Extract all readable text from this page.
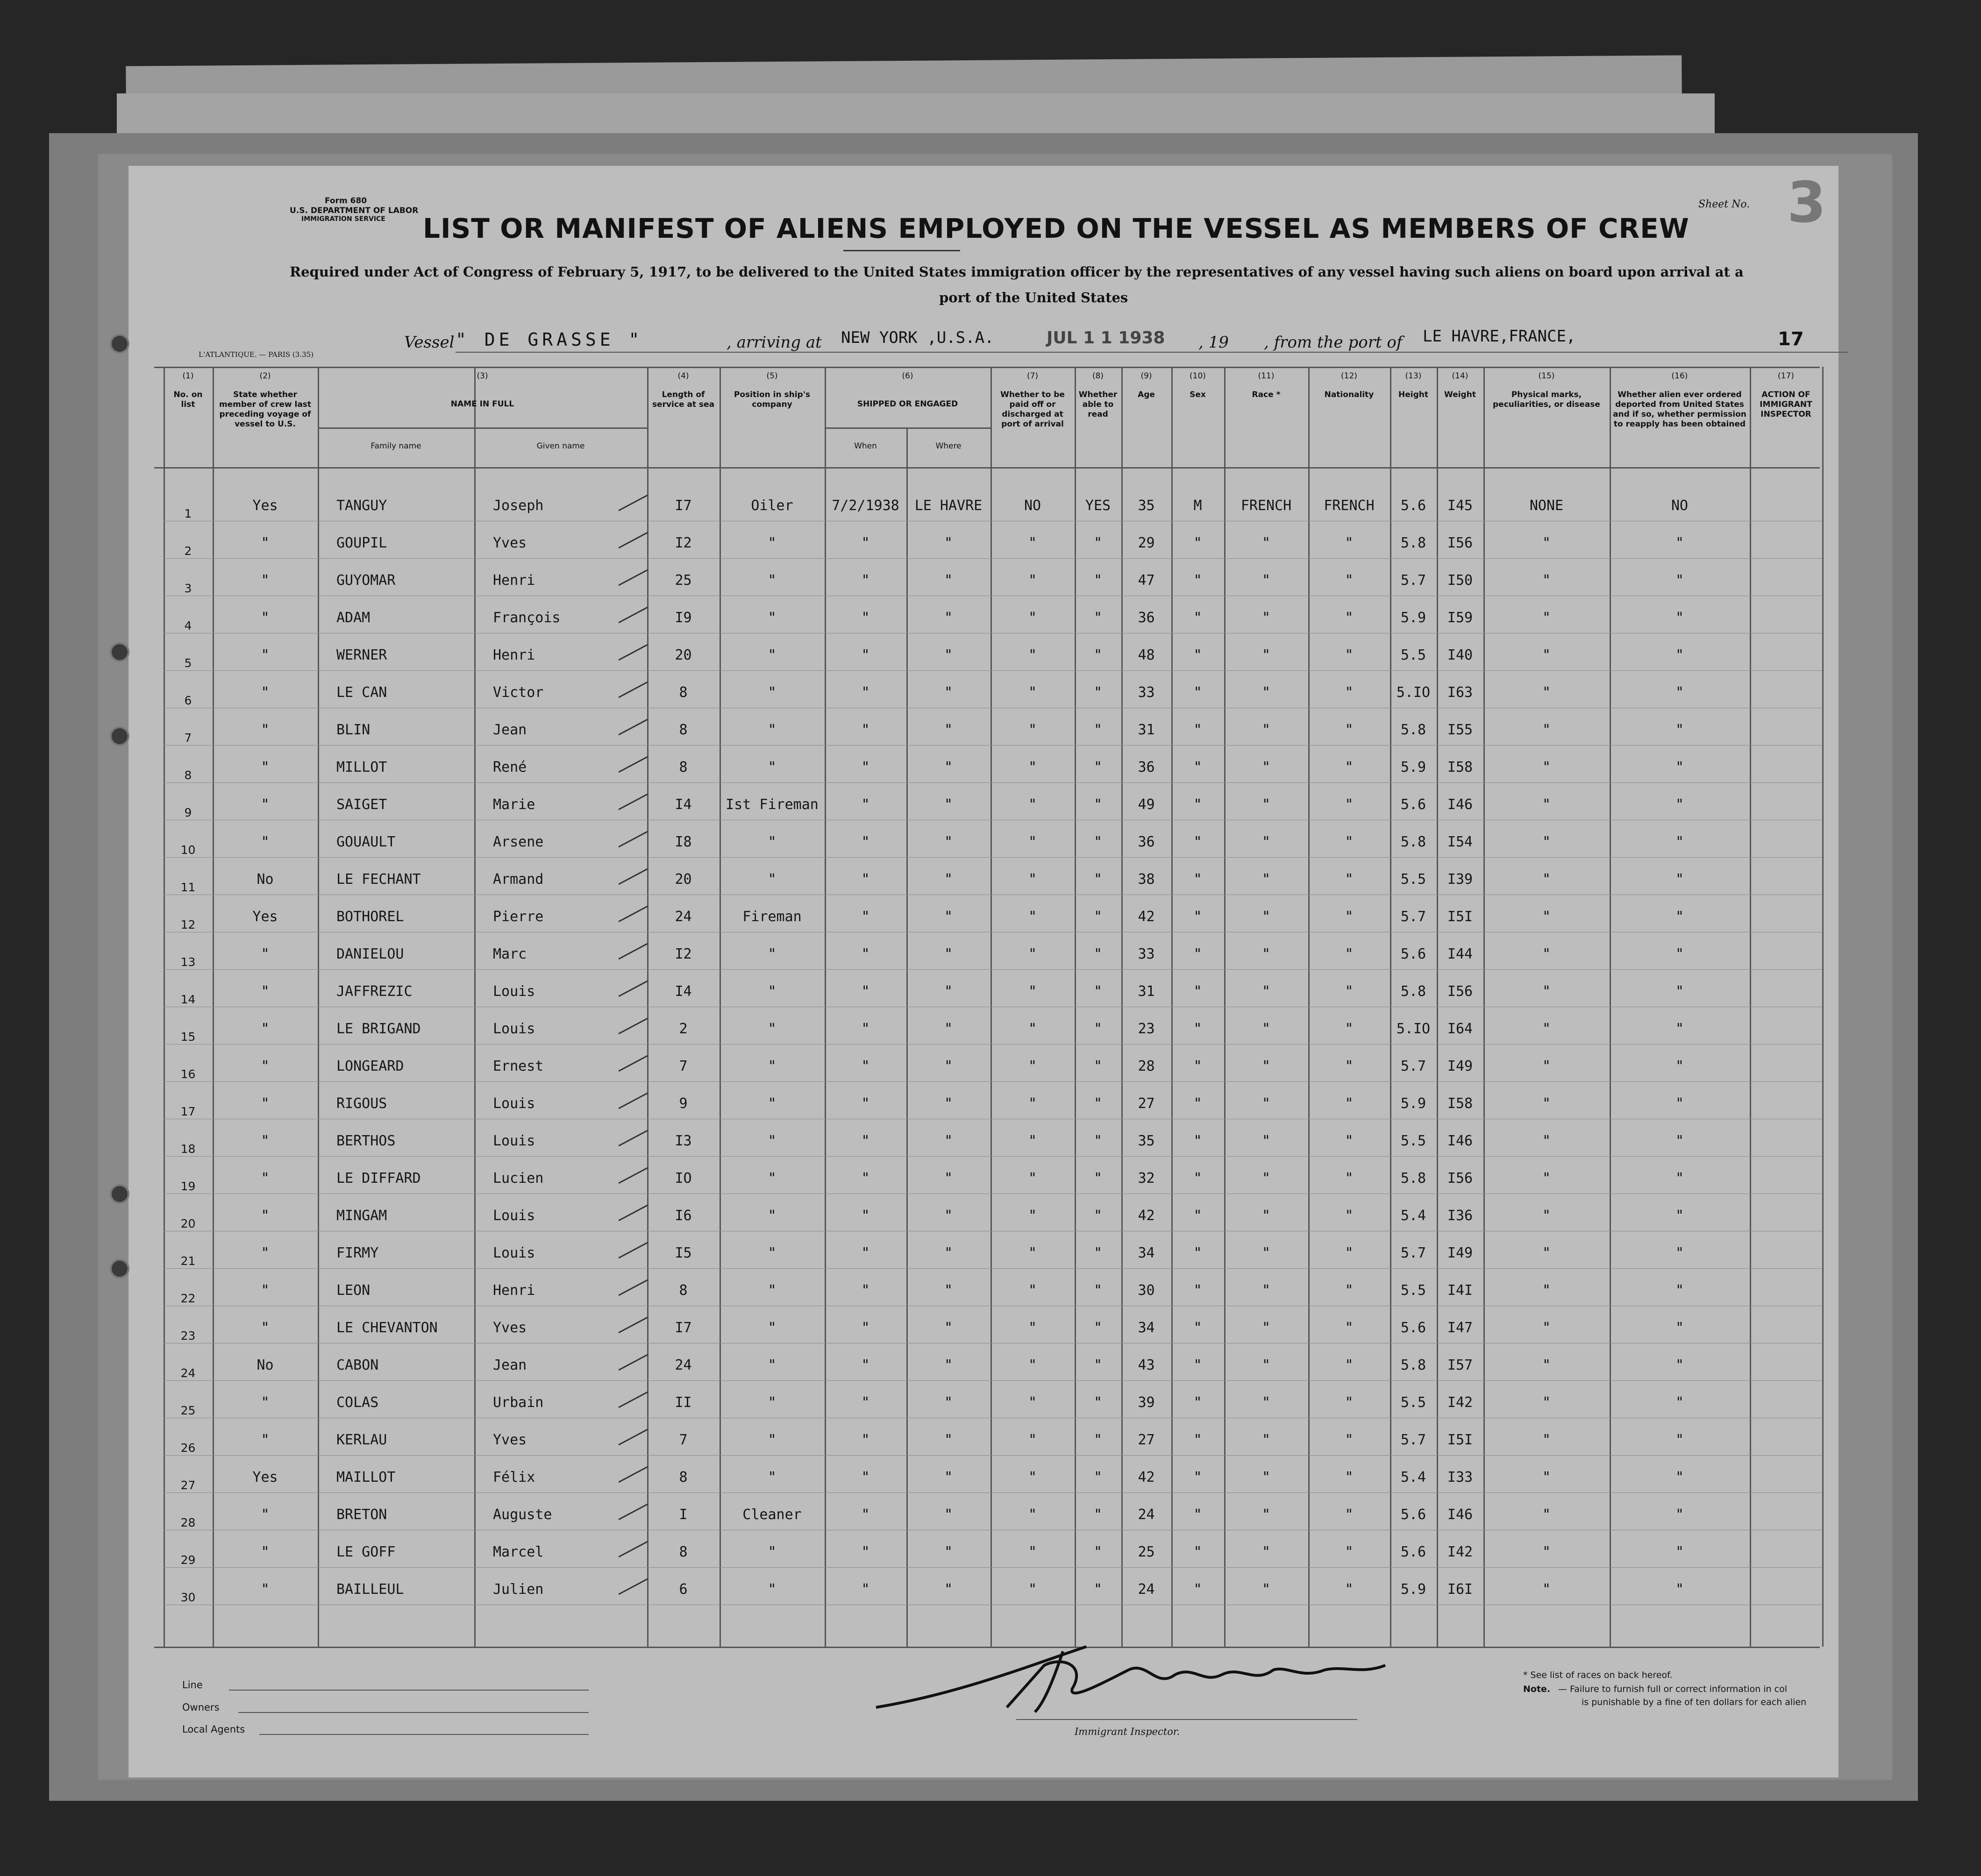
Form 680
U.S. DEPARTMENT OF LABOR
IMMIGRATION SERVICE
Sheet No. 3
LIST OR MANIFEST OF ALIENS EMPLOYED ON THE VESSEL AS MEMBERS OF CREW
Required under Act of Congress of February 5, 1917, to be delivered to the United States immigration officer by the representatives of any vessel having such aliens on board upon arrival at a
port of the United States
L'ATLANTIQUE. — PARIS (3.35)
Vessel " DE GRASSE "	, arriving at NEW YORK ,U.S.A.	JUL 1 1 1938 , 19 , from the port of LE HAVRE,FRANCE,	17
(1)
No. on list
(2)
State whether member of crew last preceding voyage of vessel to U.S.
(3)
NAME IN FULL
Family name	Given name
(4)
Length of service at sea
(5)
Position in ship's company
(6)
SHIPPED OR ENGAGED
When	Where
(7)
Whether to be paid off or discharged at port of arrival
(8)
Whether able to read
(9)
Age
(10)
Sex
(11)
Race *
(12)
Nationality
(13)
Height
(14)
Weight
(15)
Physical marks, peculiarities, or disease
(16)
Whether alien ever ordered deported from United States and if so, whether permission to reapply has been obtained
(17)
ACTION OF IMMIGRANT INSPECTOR
1	Yes	TANGUY	Joseph	I7	Oiler	7/2/1938	LE HAVRE	NO	YES	35	M	FRENCH	FRENCH	5.6	I45	NONE	NO
2	"	GOUPIL	Yves	I2	"	"	"	"	"	29	"	"	"	5.8	I56	"	"
3	"	GUYOMAR	Henri	25	"	"	"	"	"	47	"	"	"	5.7	I50	"	"
4	"	ADAM	François	I9	"	"	"	"	"	36	"	"	"	5.9	I59	"	"
5	"	WERNER	Henri	20	"	"	"	"	"	48	"	"	"	5.5	I40	"	"
6	"	LE CAN	Victor	8	"	"	"	"	"	33	"	"	"	5.IO	I63	"	"
7	"	BLIN	Jean	8	"	"	"	"	"	31	"	"	"	5.8	I55	"	"
8	"	MILLOT	René	8	"	"	"	"	"	36	"	"	"	5.9	I58	"	"
9	"	SAIGET	Marie	I4	Ist Fireman	"	"	"	"	49	"	"	"	5.6	I46	"	"
10	"	GOUAULT	Arsene	I8	"	"	"	"	"	36	"	"	"	5.8	I54	"	"
11	No	LE FECHANT	Armand	20	"	"	"	"	"	38	"	"	"	5.5	I39	"	"
12	Yes	BOTHOREL	Pierre	24	Fireman	"	"	"	"	42	"	"	"	5.7	I5I	"	"
13	"	DANIELOU	Marc	I2	"	"	"	"	"	33	"	"	"	5.6	I44	"	"
14	"	JAFFREZIC	Louis	I4	"	"	"	"	"	31	"	"	"	5.8	I56	"	"
15	"	LE BRIGAND	Louis	2	"	"	"	"	"	23	"	"	"	5.IO	I64	"	"
16	"	LONGEARD	Ernest	7	"	"	"	"	"	28	"	"	"	5.7	I49	"	"
17	"	RIGOUS	Louis	9	"	"	"	"	"	27	"	"	"	5.9	I58	"	"
18	"	BERTHOS	Louis	I3	"	"	"	"	"	35	"	"	"	5.5	I46	"	"
19	"	LE DIFFARD	Lucien	IO	"	"	"	"	"	32	"	"	"	5.8	I56	"	"
20	"	MINGAM	Louis	I6	"	"	"	"	"	42	"	"	"	5.4	I36	"	"
21	"	FIRMY	Louis	I5	"	"	"	"	"	34	"	"	"	5.7	I49	"	"
22	"	LEON	Henri	8	"	"	"	"	"	30	"	"	"	5.5	I4I	"	"
23	"	LE CHEVANTON	Yves	I7	"	"	"	"	"	34	"	"	"	5.6	I47	"	"
24	No	CABON	Jean	24	"	"	"	"	"	43	"	"	"	5.8	I57	"	"
25	"	COLAS	Urbain	II	"	"	"	"	"	39	"	"	"	5.5	I42	"	"
26	"	KERLAU	Yves	7	"	"	"	"	"	27	"	"	"	5.7	I5I	"	"
27	Yes	MAILLOT	Félix	8	"	"	"	"	"	42	"	"	"	5.4	I33	"	"
28	"	BRETON	Auguste	I	Cleaner	"	"	"	"	24	"	"	"	5.6	I46	"	"
29	"	LE GOFF	Marcel	8	"	"	"	"	"	25	"	"	"	5.6	I42	"	"
30	"	BAILLEUL	Julien	6	"	"	"	"	"	24	"	"	"	5.9	I6I	"	"
Line
Owners
Local Agents	Immigrant Inspector.
* See list of races on back hereof.
Note. — Failure to furnish full or correct information in col
is punishable by a fine of ten dollars for each alien
